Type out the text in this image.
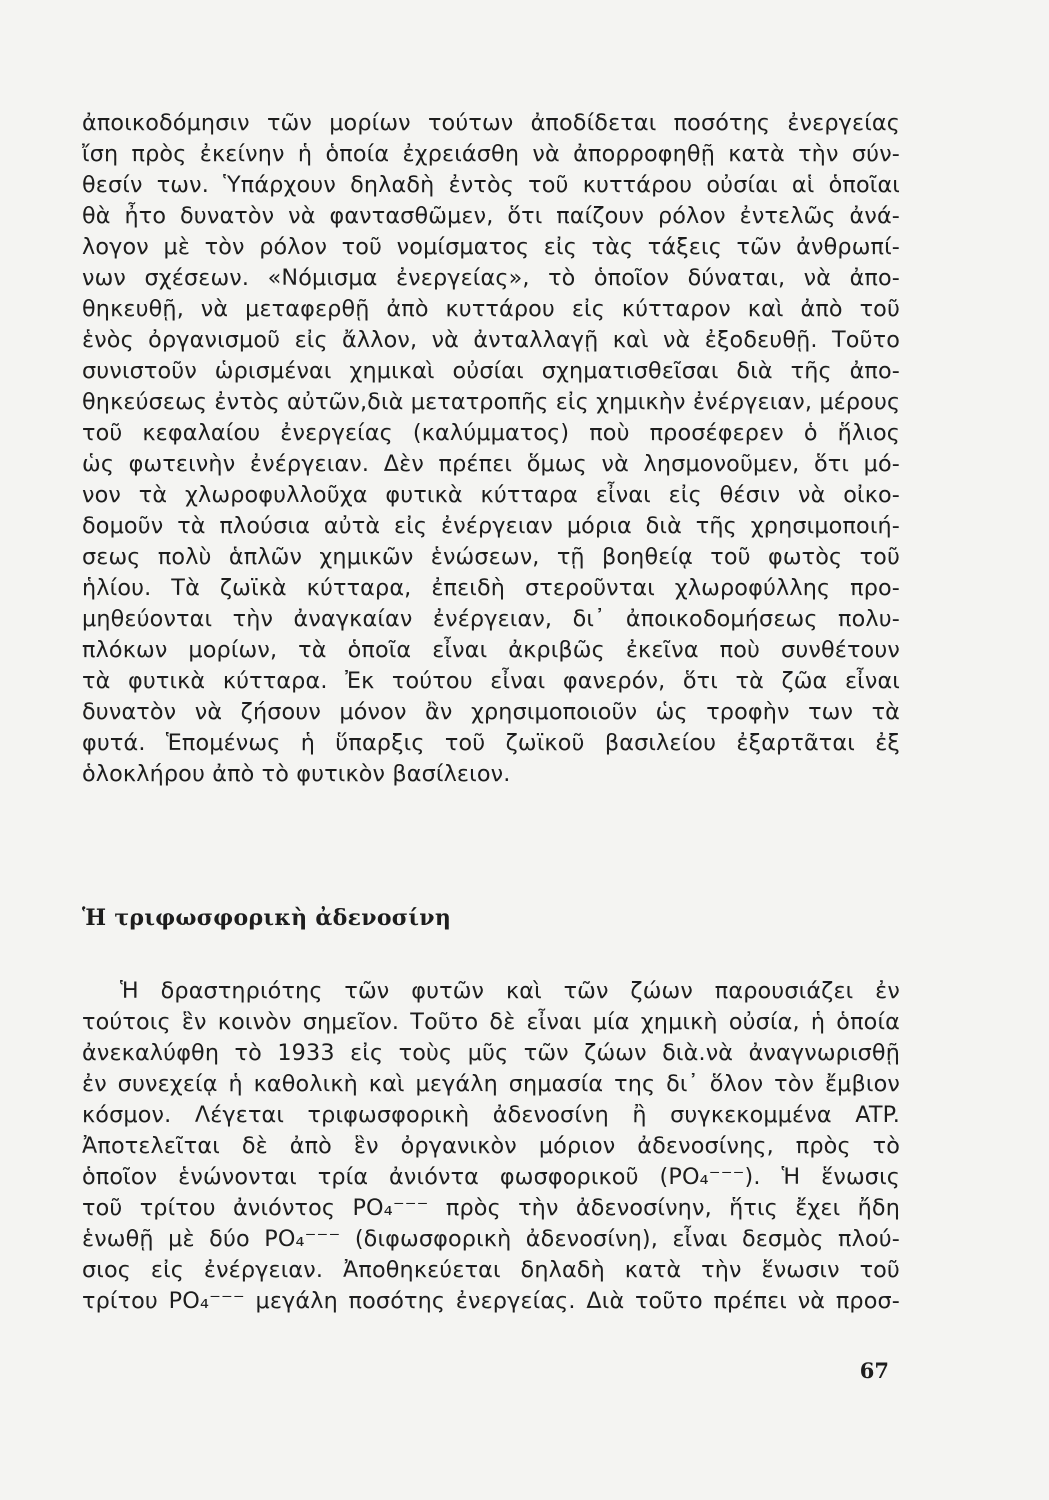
ἀποικοδόμησιν τῶν μορίων τούτων ἀποδίδεται ποσότης ἐνεργείας
ἴση πρὸς ἐκείνην ἡ ὁποία ἐχρειάσθη νὰ ἀπορροφηθῇ κατὰ τὴν σύν-
θεσίν των. Ὑπάρχουν δηλαδὴ ἐντὸς τοῦ κυττάρου οὐσίαι αἱ ὁποῖαι
θὰ ἦτο δυνατὸν νὰ φαντασθῶμεν, ὅτι παίζουν ρόλον ἐντελῶς ἀνά-
λογον μὲ τὸν ρόλον τοῦ νομίσματος εἰς τὰς τάξεις τῶν ἀνθρωπί-
νων σχέσεων. «Νόμισμα ἐνεργείας», τὸ ὁποῖον δύναται, νὰ ἀπο-
θηκευθῇ, νὰ μεταφερθῇ ἀπὸ κυττάρου εἰς κύτταρον καὶ ἀπὸ τοῦ
ἑνὸς ὀργανισμοῦ εἰς ἄλλον, νὰ ἀνταλλαγῇ καὶ νὰ ἐξοδευθῇ. Τοῦτο
συνιστοῦν ὡρισμέναι χημικαὶ οὐσίαι σχηματισθεῖσαι διὰ τῆς ἀπο-
θηκεύσεως ἐντὸς αὐτῶν,διὰ μετατροπῆς εἰς χημικὴν ἐνέργειαν, μέρους
τοῦ κεφαλαίου ἐνεργείας (καλύμματος) ποὺ προσέφερεν ὁ ἥλιος
ὡς φωτεινὴν ἐνέργειαν. Δὲν πρέπει ὅμως νὰ λησμονοῦμεν, ὅτι μό-
νον τὰ χλωροφυλλοῦχα φυτικὰ κύτταρα εἶναι εἰς θέσιν νὰ οἰκο-
δομοῦν τὰ πλούσια αὐτὰ εἰς ἐνέργειαν μόρια διὰ τῆς χρησιμοποιή-
σεως πολὺ ἁπλῶν χημικῶν ἑνώσεων, τῇ βοηθείᾳ τοῦ φωτὸς τοῦ
ἡλίου. Τὰ ζωϊκὰ κύτταρα, ἐπειδὴ στεροῦνται χλωροφύλλης προ-
μηθεύονται τὴν ἀναγκαίαν ἐνέργειαν, δι᾽ ἀποικοδομήσεως πολυ-
πλόκων μορίων, τὰ ὁποῖα εἶναι ἀκριβῶς ἐκεῖνα ποὺ συνθέτουν
τὰ φυτικὰ κύτταρα. Ἐκ τούτου εἶναι φανερόν, ὅτι τὰ ζῶα εἶναι
δυνατὸν νὰ ζήσουν μόνον ἂν χρησιμοποιοῦν ὡς τροφὴν των τὰ
φυτά. Ἑπομένως ἡ ὕπαρξις τοῦ ζωϊκοῦ βασιλείου ἐξαρτᾶται ἐξ
ὁλοκλήρου ἀπὸ τὸ φυτικὸν βασίλειον.
Ἡ τριφωσφορικὴ ἀδενοσίνη
Ἡ δραστηριότης τῶν φυτῶν καὶ τῶν ζώων παρουσιάζει ἐν
τούτοις ἓν κοινὸν σημεῖον. Τοῦτο δὲ εἶναι μία χημικὴ οὐσία, ἡ ὁποία
ἀνεκαλύφθη τὸ 1933 εἰς τοὺς μῦς τῶν ζώων διὰ.νὰ ἀναγνωρισθῇ
ἐν συνεχείᾳ ἡ καθολικὴ καὶ μεγάλη σημασία της δι᾽ ὅλον τὸν ἔμβιον
κόσμον. Λέγεται τριφωσφορικὴ ἀδενοσίνη ἢ συγκεκομμένα ATP.
Ἀποτελεῖται δὲ ἀπὸ ἓν ὀργανικὸν μόριον ἀδενοσίνης, πρὸς τὸ
ὁποῖον ἑνώνονται τρία ἀνιόντα φωσφορικοῦ (PO₄⁻⁻⁻). Ἡ ἕνωσις
τοῦ τρίτου ἀνιόντος PO₄⁻⁻⁻ πρὸς τὴν ἀδενοσίνην, ἥτις ἔχει ἤδη
ἑνωθῇ μὲ δύο PO₄⁻⁻⁻ (διφωσφορικὴ ἀδενοσίνη), εἶναι δεσμὸς πλού-
σιος εἰς ἐνέργειαν. Ἀποθηκεύεται δηλαδὴ κατὰ τὴν ἕνωσιν τοῦ
τρίτου PO₄⁻⁻⁻ μεγάλη ποσότης ἐνεργείας. Διὰ τοῦτο πρέπει νὰ προσ-
67
